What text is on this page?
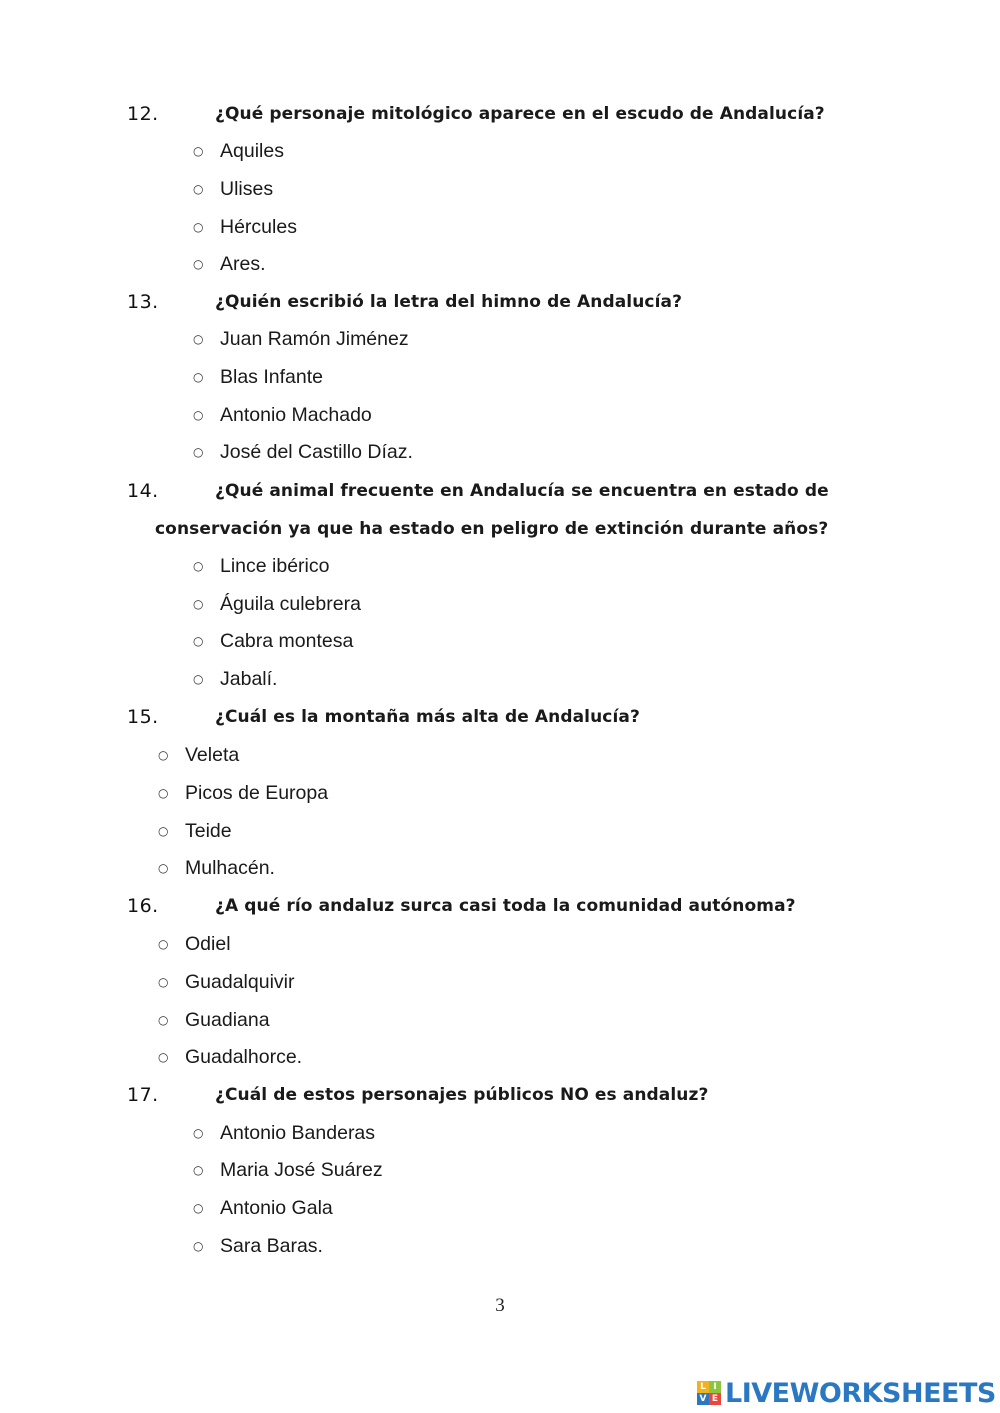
12.	¿Qué personaje mitológico aparece en el escudo de Andalucía?
○ Aquiles
○ Ulises
○ Hércules
○ Ares.
13.	¿Quién escribió la letra del himno de Andalucía?
○ Juan Ramón Jiménez
○ Blas Infante
○ Antonio Machado
○ José del Castillo Díaz.
14.	¿Qué animal frecuente en Andalucía se encuentra en estado de
conservación ya que ha estado en peligro de extinción durante años?
○ Lince ibérico
○ Águila culebrera
○ Cabra montesa
○ Jabalí.
15.	¿Cuál es la montaña más alta de Andalucía?
○ Veleta
○ Picos de Europa
○ Teide
○ Mulhacén.
16.	¿A qué río andaluz surca casi toda la comunidad autónoma?
○ Odiel
○ Guadalquivir
○ Guadiana
○ Guadalhorce.
17.	¿Cuál de estos personajes públicos NO es andaluz?
○ Antonio Banderas
○ Maria José Suárez
○ Antonio Gala
○ Sara Baras.
3
L I
V E LIVEWORKSHEETS
